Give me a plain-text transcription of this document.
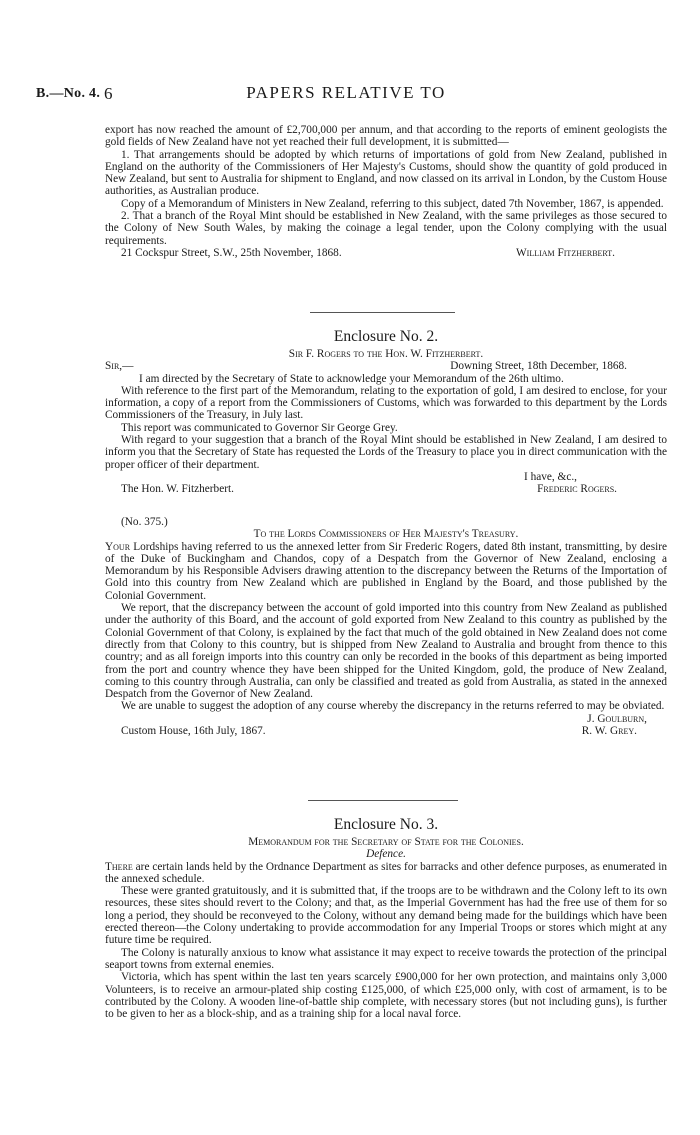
B.—No. 4. 6	PAPERS RELATIVE TO

export has now reached the amount of £2,700,000 per annum, and that according to the reports of eminent geologists the gold fields of New Zealand have not yet reached their full development, it is submitted—

1. That arrangements should be adopted by which returns of importations of gold from New Zealand, published in England on the authority of the Commissioners of Her Majesty's Customs, should show the quantity of gold produced in New Zealand, but sent to Australia for shipment to England, and now classed on its arrival in London, by the Custom House authorities, as Australian produce.

Copy of a Memorandum of Ministers in New Zealand, referring to this subject, dated 7th November, 1867, is appended.

2. That a branch of the Royal Mint should be established in New Zealand, with the same privileges as those secured to the Colony of New South Wales, by making the coinage a legal tender, upon the Colony complying with the usual requirements.

21 Cockspur Street, S.W., 25th November, 1868.	William Fitzherbert.
Enclosure No. 2.
Sir F. Rogers to the Hon. W. Fitzherbert.
Sir,—	Downing Street, 18th December, 1868.

I am directed by the Secretary of State to acknowledge your Memorandum of the 26th ultimo.

With reference to the first part of the Memorandum, relating to the exportation of gold, I am desired to enclose, for your information, a copy of a report from the Commissioners of Customs, which was forwarded to this department by the Lords Commissioners of the Treasury, in July last.

This report was communicated to Governor Sir George Grey.

With regard to your suggestion that a branch of the Royal Mint should be established in New Zealand, I am desired to inform you that the Secretary of State has requested the Lords of the Treasury to place you in direct communication with the proper officer of their department.

I have, &c.,
The Hon. W. Fitzherbert.	Frederic Rogers.
(No. 375.)
To the Lords Commissioners of Her Majesty's Treasury.

Your Lordships having referred to us the annexed letter from Sir Frederic Rogers, dated 8th instant, transmitting, by desire of the Duke of Buckingham and Chandos, copy of a Despatch from the Governor of New Zealand, enclosing a Memorandum by his Responsible Advisers drawing attention to the discrepancy between the Returns of the Importation of Gold into this country from New Zealand which are published in England by the Board, and those published by the Colonial Government.

We report, that the discrepancy between the account of gold imported into this country from New Zealand as published under the authority of this Board, and the account of gold exported from New Zealand to this country as published by the Colonial Government of that Colony, is explained by the fact that much of the gold obtained in New Zealand does not come directly from that Colony to this country, but is shipped from New Zealand to Australia and brought from thence to this country; and as all foreign imports into this country can only be recorded in the books of this department as being imported from the port and country whence they have been shipped for the United Kingdom, gold, the produce of New Zealand, coming to this country through Australia, can only be classified and treated as gold from Australia, as stated in the annexed Despatch from the Governor of New Zealand.

We are unable to suggest the adoption of any course whereby the discrepancy in the returns referred to may be obviated.

J. Goulburn,
Custom House, 16th July, 1867.	R. W. Grey.
Enclosure No. 3.
Memorandum for the Secretary of State for the Colonies.
Defence.

There are certain lands held by the Ordnance Department as sites for barracks and other defence purposes, as enumerated in the annexed schedule.

These were granted gratuitously, and it is submitted that, if the troops are to be withdrawn and the Colony left to its own resources, these sites should revert to the Colony; and that, as the Imperial Government has had the free use of them for so long a period, they should be reconveyed to the Colony, without any demand being made for the buildings which have been erected thereon—the Colony undertaking to provide accommodation for any Imperial Troops or stores which might at any future time be required.

The Colony is naturally anxious to know what assistance it may expect to receive towards the protection of the principal seaport towns from external enemies.

Victoria, which has spent within the last ten years scarcely £900,000 for her own protection, and maintains only 3,000 Volunteers, is to receive an armour-plated ship costing £125,000, of which £25,000 only, with cost of armament, is to be contributed by the Colony. A wooden line-of-battle ship complete, with necessary stores (but not including guns), is further to be given to her as a block-ship, and as a training ship for a local naval force.
